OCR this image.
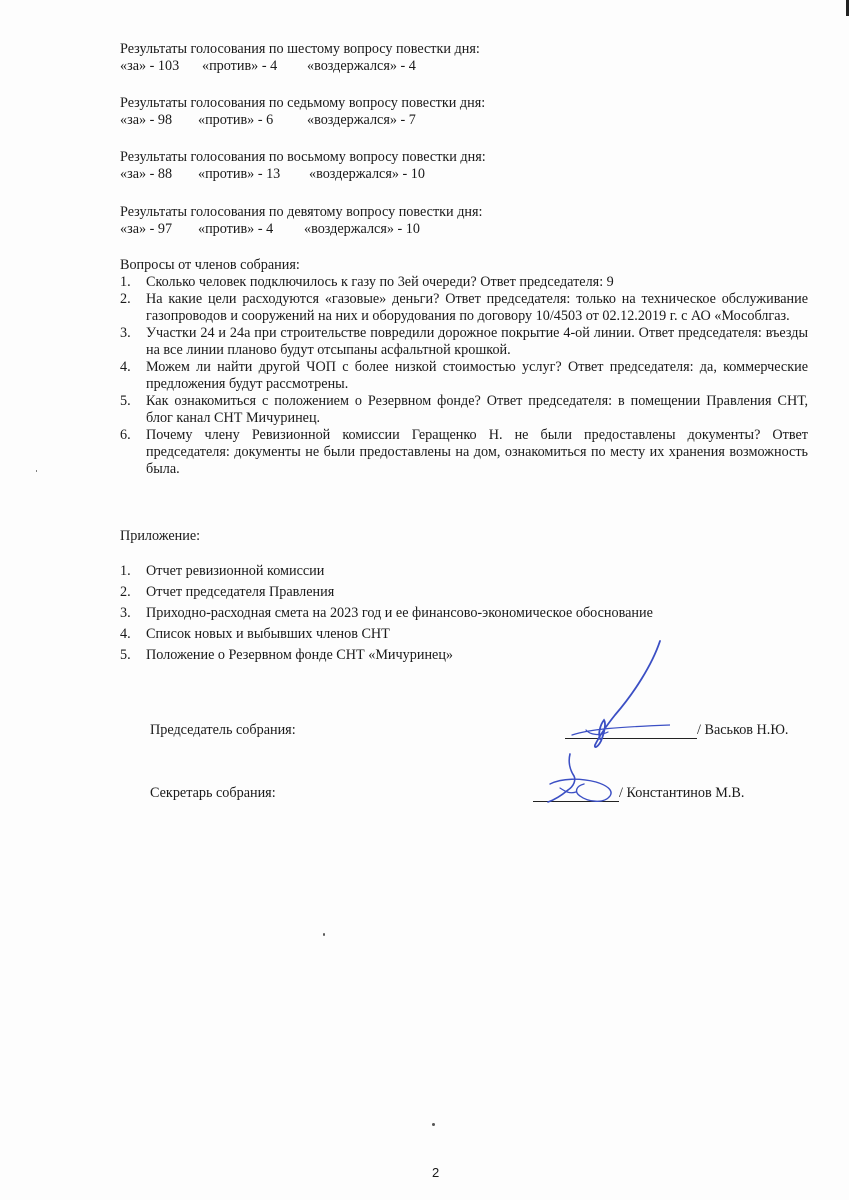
Результаты голосования по шестому вопросу повестки дня:
«за» - 103 «против» - 4 «воздержался» - 4
Результаты голосования по седьмому вопросу повестки дня:
«за» - 98 «против» - 6 «воздержался» - 7
Результаты голосования по восьмому вопросу повестки дня:
«за» - 88 «против» - 13 «воздержался» - 10
Результаты голосования по девятому вопросу повестки дня:
«за» - 97 «против» - 4 «воздержался» - 10
Вопросы от членов собрания:
1. Сколько человек подключилось к газу по 3ей очереди? Ответ председателя: 9
2. На какие цели расходуются «газовые» деньги? Ответ председателя: только на техническое обслуживание газопроводов и сооружений на них и оборудования по договору 10/4503 от 02.12.2019 г. с АО «Мособлгаз.
3. Участки 24 и 24а при строительстве повредили дорожное покрытие 4-ой линии. Ответ председателя: въезды на все линии планово будут отсыпаны асфальтной крошкой.
4. Можем ли найти другой ЧОП с более низкой стоимостью услуг? Ответ председателя: да, коммерческие предложения будут рассмотрены.
5. Как ознакомиться с положением о Резервном фонде? Ответ председателя: в помещении Правления СНТ, блог канал СНТ Мичуринец.
6. Почему члену Ревизионной комиссии Геращенко Н. не были предоставлены документы? Ответ председателя: документы не были предоставлены на дом, ознакомиться по месту их хранения возможность была.
Приложение:
1. Отчет ревизионной комиссии
2. Отчет председателя Правления
3. Приходно-расходная смета на 2023 год и ее финансово-экономическое обоснование
4. Список новых и выбывших членов СНТ
5. Положение о Резервном фонде СНТ «Мичуринец»
Председатель собрания:	/ Васьков Н.Ю.
Секретарь собрания:	/ Константинов М.В.
2
